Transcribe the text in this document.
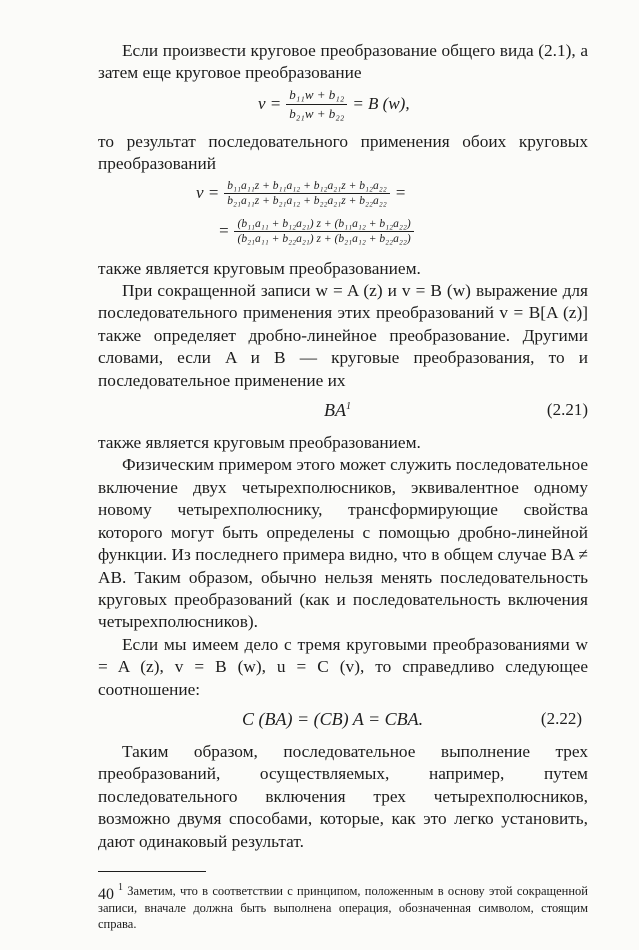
Если произвести круговое преобразование общего вида (2.1), а затем еще круговое преобразование

$v = \frac{\text{b₁₁w + b₁₂}}{\text{b₂₁w + b₂₂}} = B$ (w),

то результат последовательного применения обоих круговых преобразований

$v = \frac{\text{b₁₁a₁₁z + b₁₁a₁₂ + b₁₂a₂₁z + b₁₂a₂₂}}{\text{b₂₁a₁₁z + b₂₁a₁₂ + b₂₂a₂₁z + b₂₂a₂₂}}$ =
= $\frac{\text{(b₁₁a₁₁ + b₁₂a₂₁) z + (b₁₁a₁₂ + b₁₂a₂₂)}}{\text{(b₂₁a₁₁ + b₂₂a₂₁) z + (b₂₁a₁₂ + b₂₂a₂₂)}}$

также является круговым преобразованием.

При сокращенной записи w = A (z) и v = B (w) выражение для последовательного применения этих преобразований v = B[A (z)] также определяет дробно-линейное преобразование. Другими словами, если A и B — круговые преобразования, то и последовательное применение их

$BA^1$	(2.21)

также является круговым преобразованием.

Физическим примером этого может служить последовательное включение двух четырехполюсников, эквивалентное одному новому четырехполюснику, трансформирующие свойства которого могут быть определены с помощью дробно-линейной функции. Из последнего примера видно, что в общем случае BA ≠ AB. Таким образом, обычно нельзя менять последовательность круговых преобразований (как и последовательность включения четырехполюсников).

Если мы имеем дело с тремя круговыми преобразованиями w = A (z), v = B (w), u = C (v), то справедливо следующее соотношение:

C (BA) = (CB) A = CBA.	(2.22)

Таким образом, последовательное выполнение трех преобразований, осуществляемых, например, путем последовательного включения трех четырехполюсников, возможно двумя способами, которые, как это легко установить, дают одинаковый результат.

$^1$ Заметим, что в соответствии с принципом, положенным в основу этой сокращенной записи, вначале должна быть выполнена операция, обозначенная символом, стоящим справа.

40
